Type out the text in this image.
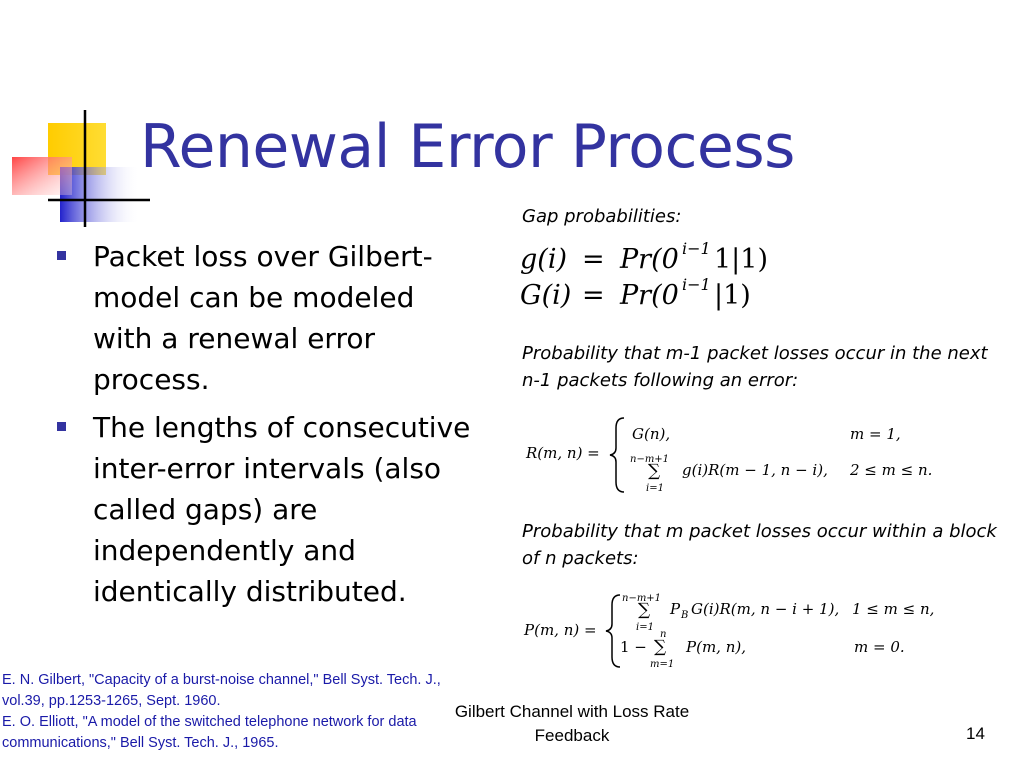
Renewal Error Process
Packet loss over Gilbert-model can be modeled with a renewal error process.
The lengths of consecutive inter-error intervals (also called gaps) are independently and identically distributed.
Gap probabilities:
g(i) = Pr(0 i−1 1|1)
G(i) = Pr(0 i−1 |1)
Probability that m-1 packet losses occur in the next n-1 packets following an error:
R(m, n) =
G(n),	m = 1,
n−m+1
∑
i=1
g(i)R(m − 1, n − i), 2 ≤ m ≤ n.
Probability that m packet losses occur within a block of n packets:
P(m, n) =
n−m+1
∑
i=1
P B G(i)R(m, n − i + 1), 1 ≤ m ≤ n,
1 −
n
∑
m=1
P(m, n),	m = 0.
E. N. Gilbert, "Capacity of a burst-noise channel," Bell Syst. Tech. J., vol.39, pp.1253-1265, Sept. 1960.
E. O. Elliott, "A model of the switched telephone network for data communications," Bell Syst. Tech. J., 1965.
Gilbert Channel with Loss Rate Feedback	14
